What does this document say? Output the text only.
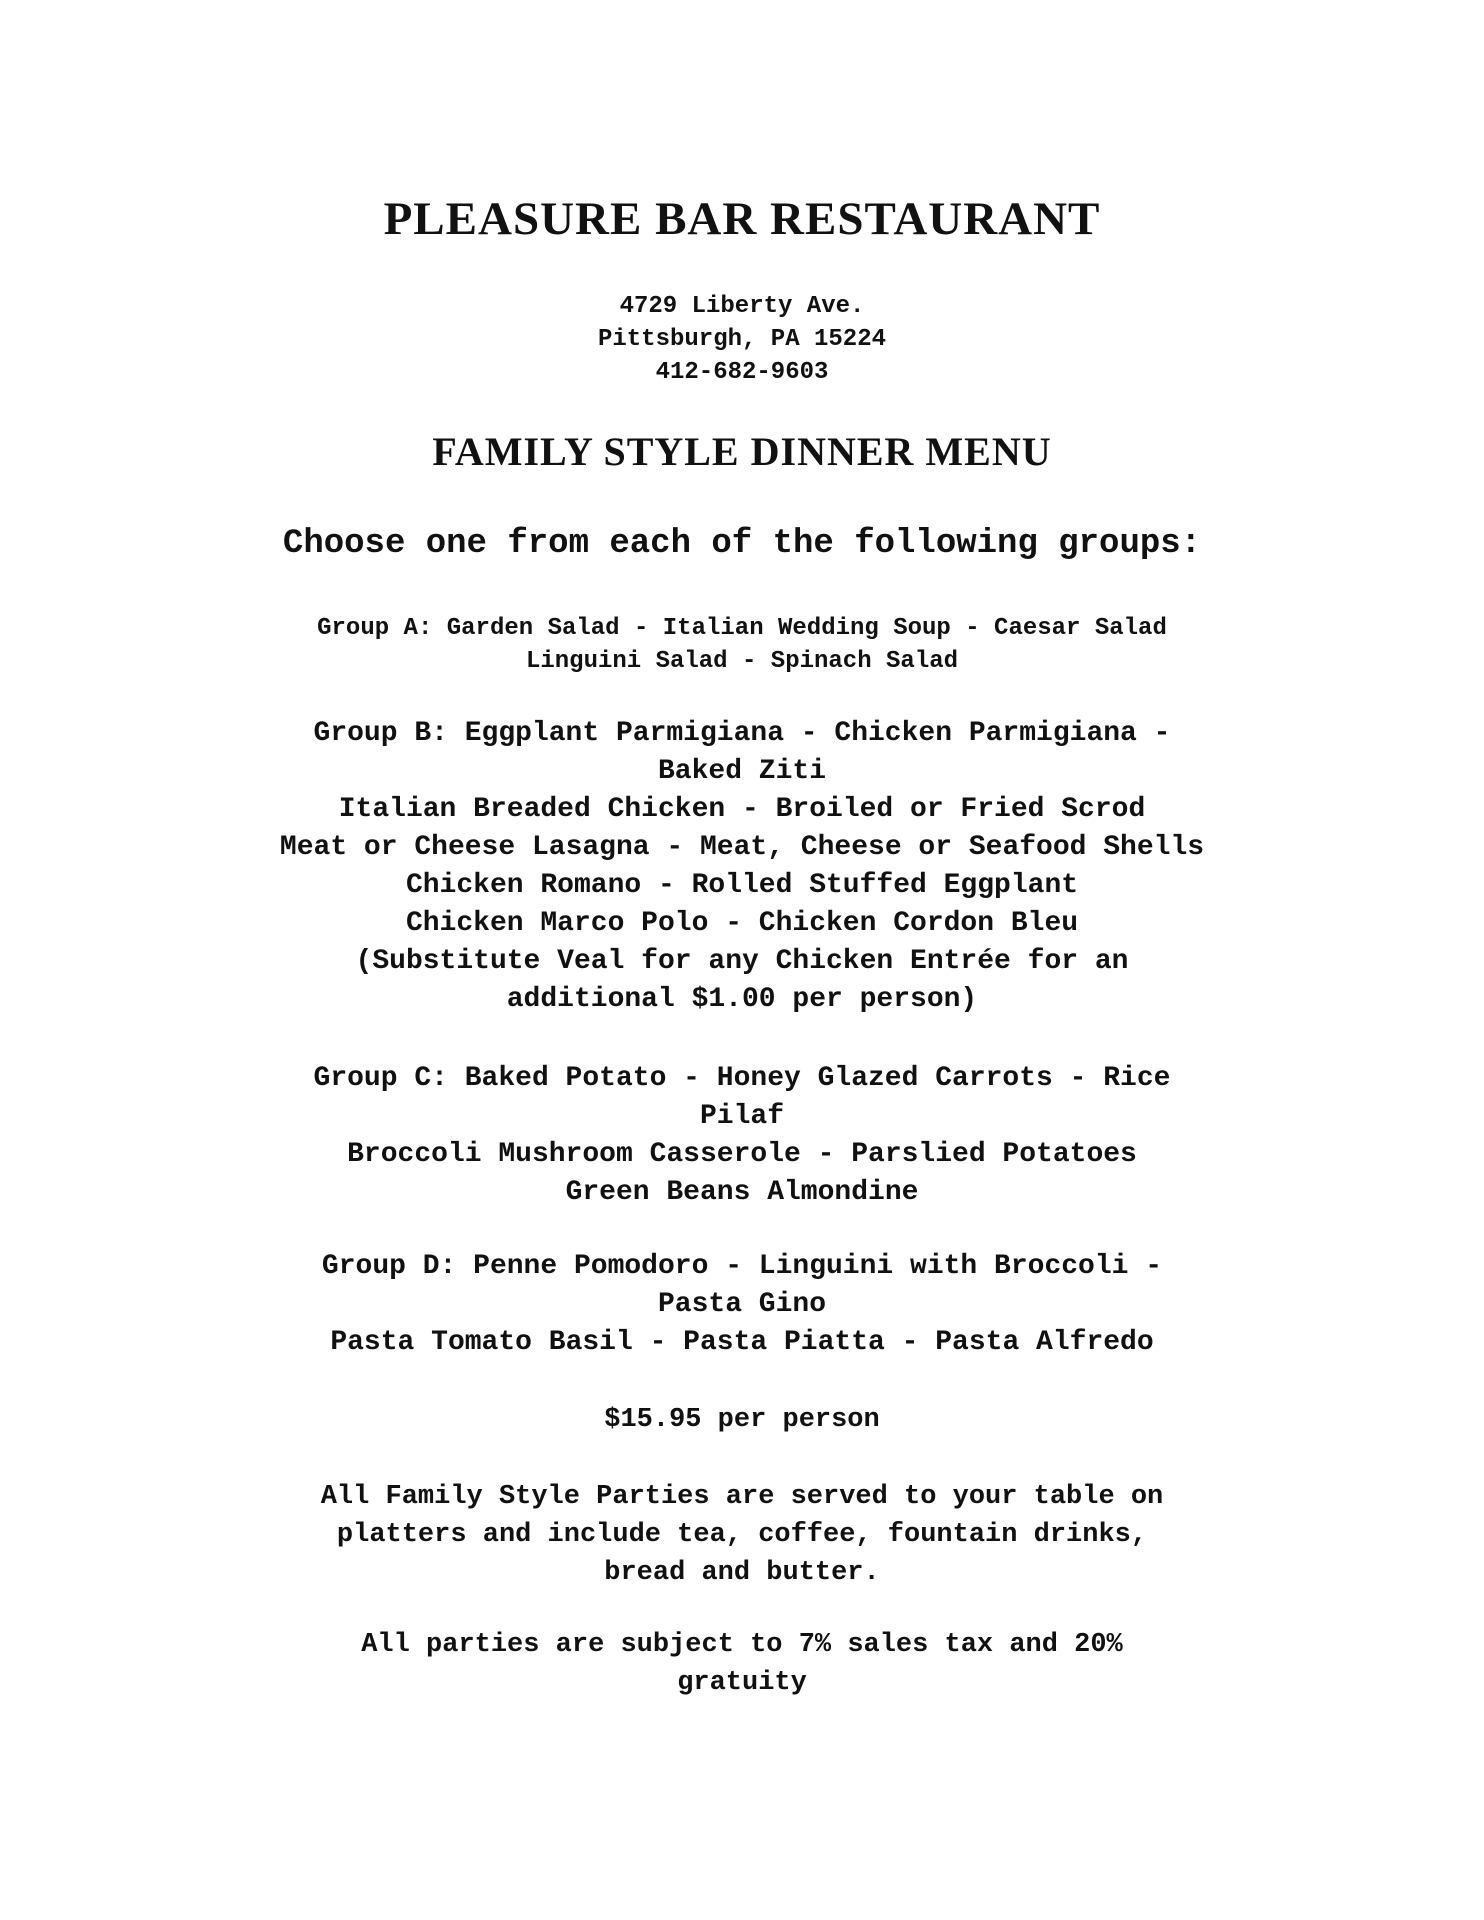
PLEASURE BAR RESTAURANT
4729 Liberty Ave.
Pittsburgh, PA 15224
412-682-9603
FAMILY STYLE DINNER MENU
Choose one from each of the following groups:
Group A: Garden Salad - Italian Wedding Soup - Caesar Salad
Linguini Salad - Spinach Salad
Group B: Eggplant Parmigiana - Chicken Parmigiana -
Baked Ziti
Italian Breaded Chicken - Broiled or Fried Scrod
Meat or Cheese Lasagna - Meat, Cheese or Seafood Shells
Chicken Romano - Rolled Stuffed Eggplant
Chicken Marco Polo - Chicken Cordon Bleu
(Substitute Veal for any Chicken Entrée for an
additional $1.00 per person)
Group C: Baked Potato - Honey Glazed Carrots - Rice
Pilaf
Broccoli Mushroom Casserole - Parslied Potatoes
Green Beans Almondine
Group D: Penne Pomodoro - Linguini with Broccoli -
Pasta Gino
Pasta Tomato Basil - Pasta Piatta - Pasta Alfredo
$15.95 per person
All Family Style Parties are served to your table on
platters and include tea, coffee, fountain drinks,
bread and butter.
All parties are subject to 7% sales tax and 20%
gratuity
